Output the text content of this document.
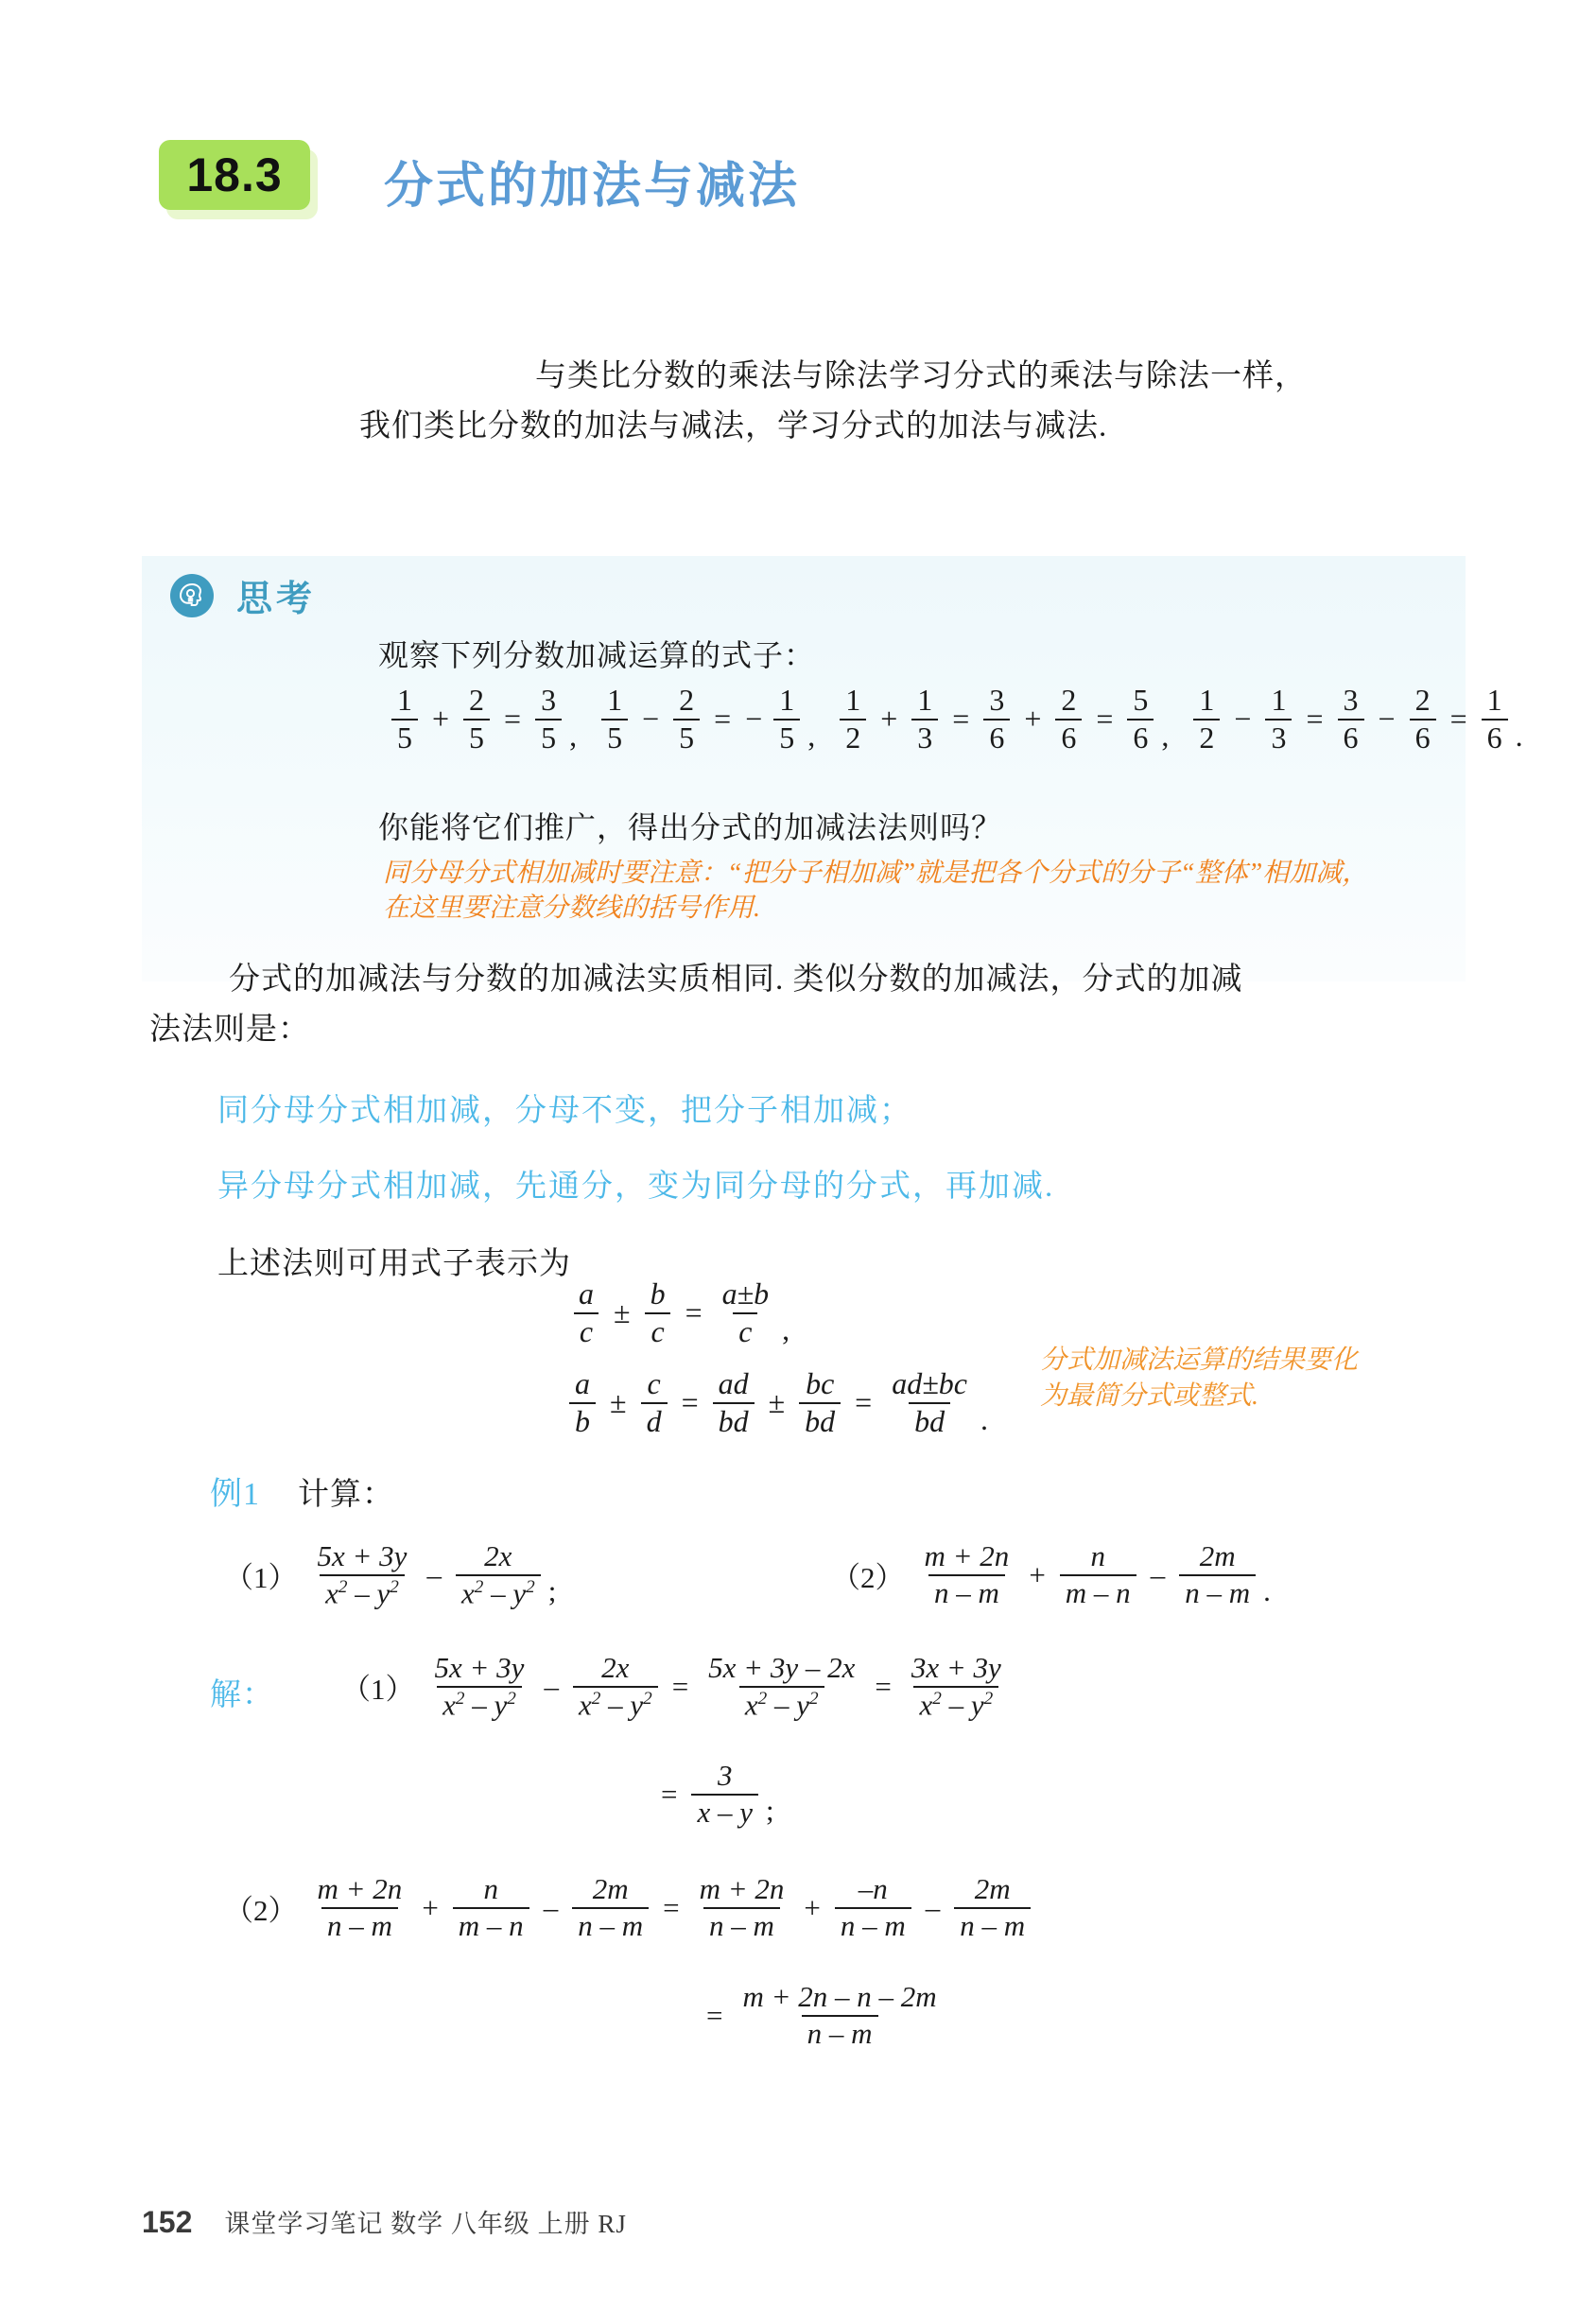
18.3	分式的加法与减法
与类比分数的乘法与除法学习分式的乘法与除法一样，
我们类比分数的加法与减法，学习分式的加法与减法.
思考
观察下列分数加减运算的式子：
$\frac{1}{5} + \frac{2}{5} = \frac{3}{5}$ , $\frac{1}{5} - \frac{2}{5}$ = − $\frac{1}{5}$ , $\frac{1}{2} + \frac{1}{3} = \frac{3}{6} + \frac{2}{6} = \frac{5}{6}$ , $\frac{1}{2} - \frac{1}{3} = \frac{3}{6} - \frac{2}{6} = \frac{1}{6}$ .
你能将它们推广，得出分式的加减法法则吗？
同分母分式相加减时要注意：“把分子相加减”就是把各个分式的分子“整体”相加减，
在这里要注意分数线的括号作用.
分式的加减法与分数的加减法实质相同. 类似分数的加减法，分式的加减
法法则是：
同分母分式相加减，分母不变，把分子相加减；
异分母分式相加减，先通分，变为同分母的分式，再加减.
上述法则可用式子表示为
$\frac{a}{c} \pm \frac{b}{c} = \frac{a\pm b}{c}$ ,
$\frac{a}{b} \pm \frac{c}{d} = \frac{ad}{bd} \pm \frac{bc}{bd} = \frac{ad\pm bc}{bd}$ .
分式加减法运算的结果要化
为最简分式或整式.
例1 计算：
$(1) \frac{5x + 3y}{x^2 - y^2} - \frac{2x}{x^2 - y^2}$ ;	$(2) \frac{m + 2n}{n - m} + \frac{n}{m - n} - \frac{2m}{n - m}$ .
解： $(1) \frac{5x + 3y}{x^2 - y^2} - \frac{2x}{x^2 - y^2} = \frac{5x + 3y - 2x}{x^2 - y^2} = \frac{3x + 3y}{x^2 - y^2}$
= $\frac{3}{x - y}$ ;
$(2) \frac{m + 2n}{n - m} + \frac{n}{m - n} - \frac{2m}{n - m} = \frac{m + 2n}{n - m} + \frac{-n}{n - m} - \frac{2m}{n - m}$
= $\frac{m + 2n - n - 2m}{n - m}$
152 课堂学习笔记 数学 八年级 上册 RJ
